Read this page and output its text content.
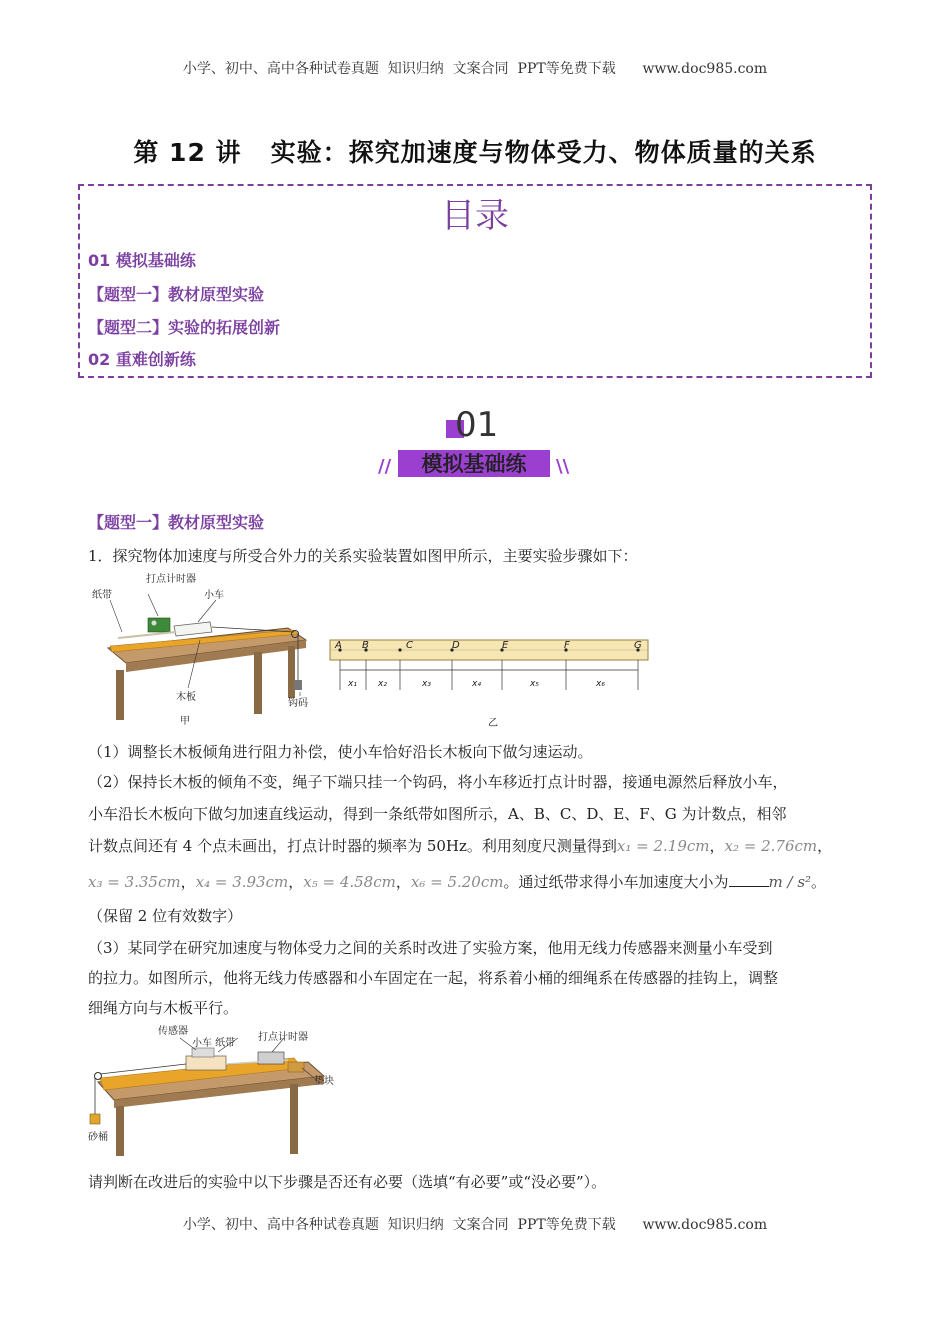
小学、初中、高中各种试卷真题  知识归纳  文案合同  PPT等免费下载      www.doc985.com
第 12 讲   实验：探究加速度与物体受力、物体质量的关系
目录
01 模拟基础练
【题型一】教材原型实验
【题型二】实验的拓展创新
02 重难创新练
01
模拟基础练
//	\\
【题型一】教材原型实验
1．探究物体加速度与所受合外力的关系实验装置如图甲所示，主要实验步骤如下：
打点计时器
纸带	小车
木板
钩码
甲
A B	C	D	E	F	G
x₁ x₂	x₃	x₄	x₅	x₆
乙
（1）调整长木板倾角进行阻力补偿，使小车恰好沿长木板向下做匀速运动。
（2）保持长木板的倾角不变，绳子下端只挂一个钩码，将小车移近打点计时器，接通电源然后释放小车，
小车沿长木板向下做匀加速直线运动，得到一条纸带如图所示，A、B、C、D、E、F、G 为计数点，相邻
计数点间还有 4 个点未画出，打点计时器的频率为 50Hz。利用刻度尺测量得到x₁ = 2.19cm，x₂ = 2.76cm，
x₃ = 3.35cm，x₄ = 3.93cm，x₅ = 4.58cm，x₆ = 5.20cm。通过纸带求得小车加速度大小为	m / s²。
（保留 2 位有效数字）
（3）某同学在研究加速度与物体受力之间的关系时改进了实验方案，他用无线力传感器来测量小车受到
的拉力。如图所示，他将无线力传感器和小车固定在一起，将系着小桶的细绳系在传感器的挂钩上，调整
细绳方向与木板平行。
传感器
小车 纸带
打点计时器
垫块
砂桶
请判断在改进后的实验中以下步骤是否还有必要（选填“有必要”或“没必要”）。
小学、初中、高中各种试卷真题  知识归纳  文案合同  PPT等免费下载      www.doc985.com
